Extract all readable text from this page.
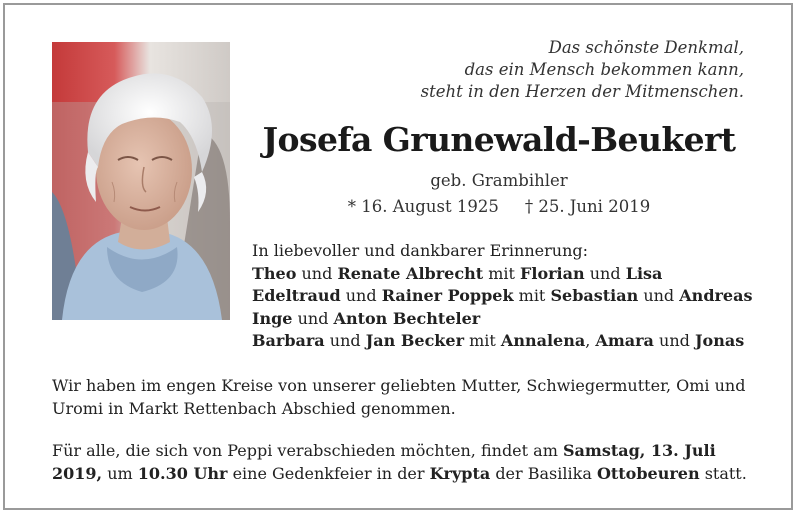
Das schönste Denkmal,
das ein Mensch bekommen kann,
steht in den Herzen der Mitmenschen.
Josefa Grunewald-Beukert
geb. Grambihler
* 16. August 1925 † 25. Juni 2019
In liebevoller und dankbarer Erinnerung:
Theo und Renate Albrecht mit Florian und Lisa
Edeltraud und Rainer Poppek mit Sebastian und Andreas
Inge und Anton Bechteler
Barbara und Jan Becker mit Annalena, Amara und Jonas
Wir haben im engen Kreise von unserer geliebten Mutter, Schwiegermutter, Omi und Uromi in Markt Rettenbach Abschied genommen.
Für alle, die sich von Peppi verabschieden möchten, findet am Samstag, 13. Juli 2019, um 10.30 Uhr eine Gedenkfeier in der Krypta der Basilika Ottobeuren statt.
